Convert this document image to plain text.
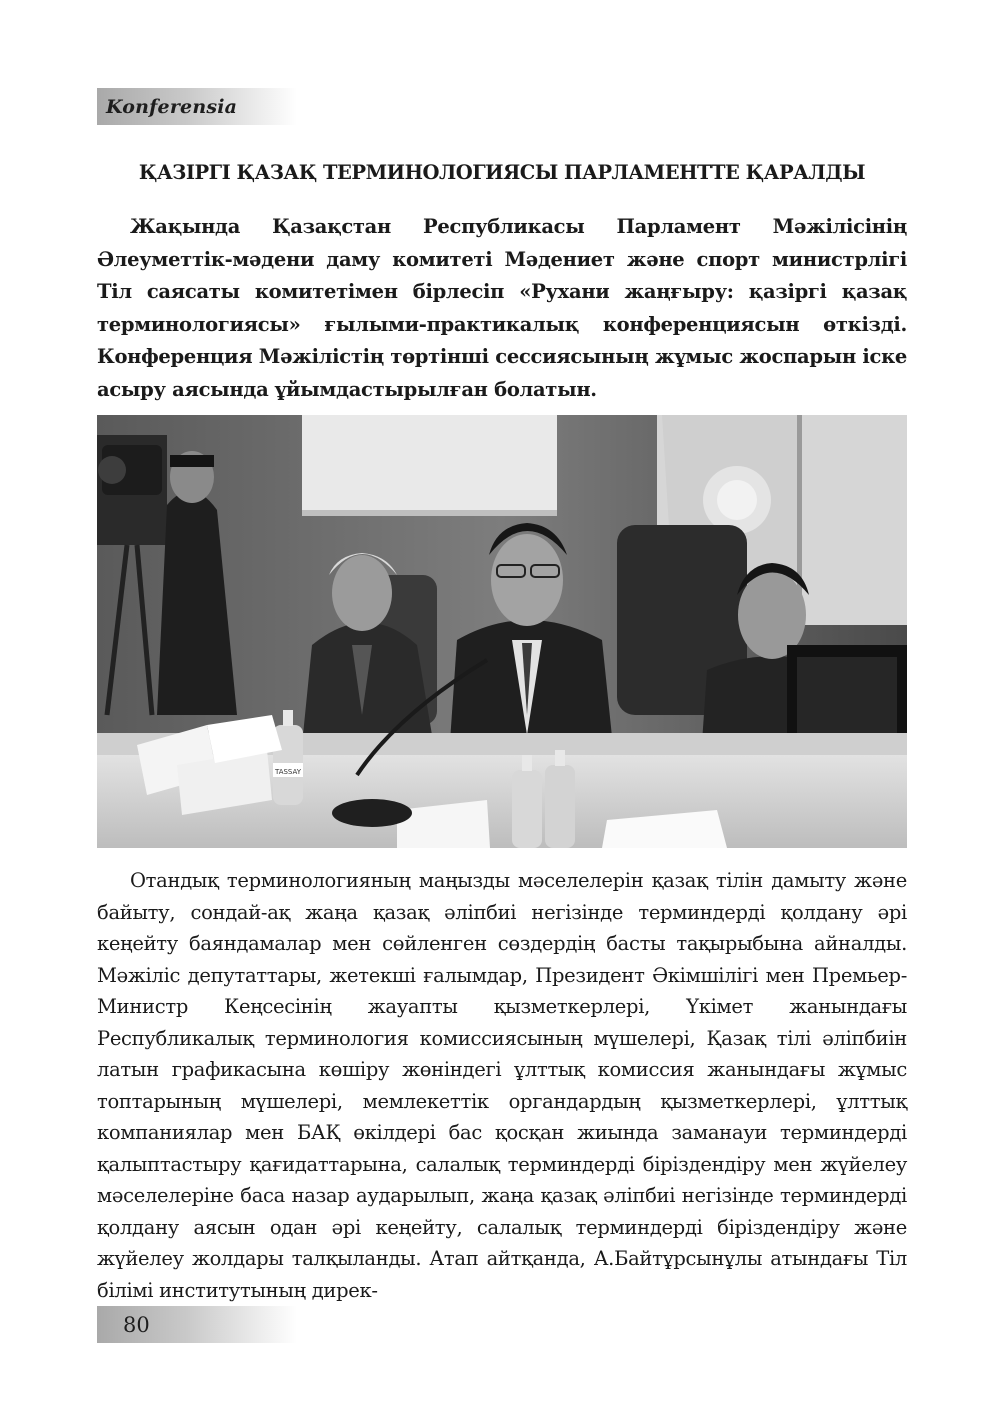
Konferensia
ҚАЗІРГІ ҚАЗАҚ ТЕРМИНОЛОГИЯСЫ ПАРЛАМЕНТТЕ ҚАРАЛДЫ

Жақында Қазақстан Республикасы Парламент Мәжілісінің Әлеуметтік-мәдени даму комитеті Мәдениет және спорт министрлігі Тіл саясаты комитетімен бірлесіп «Рухани жаңғыру: қазіргі қазақ терминологиясы» ғылыми-практикалық конференциясын өткізді. Конференция Мәжілістің төртінші сессиясының жұмыс жоспарын іске асыру аясында ұйымдастырылған болатын.

TASSAY

Отандық терминологияның маңызды мәселелерін қазақ тілін дамыту және байыту, сондай-ақ жаңа қазақ әліпбиі негізінде терминдерді қолдану әрі кеңейту баяндамалар мен сөйленген сөздердің басты тақырыбына айналды. Мәжіліс депутаттары, жетекші ғалымдар, Президент Әкімшілігі мен Премьер-Министр Кеңсесінің жауапты қызметкерлері, Үкімет жанындағы Республикалық терминология комиссиясының мүшелері, Қазақ тілі әліпбиін латын графикасына көшіру жөніндегі ұлттық комиссия жанындағы жұмыс топтарының мүшелері, мемлекеттік органдардың қызметкерлері, ұлттық компаниялар мен БАҚ өкілдері бас қосқан жиында заманауи терминдерді қалыптастыру қағидаттарына, салалық терминдерді біріздендіру мен жүйелеу мәселелеріне баса назар аударылып, жаңа қазақ әліпбиі негізінде терминдерді қолдану аясын одан әрі кеңейту, салалық терминдерді біріздендіру және жүйелеу жолдары талқыланды. Атап айтқанда, А.Байтұрсынұлы атындағы Тіл білімі институтының дирек-

80
